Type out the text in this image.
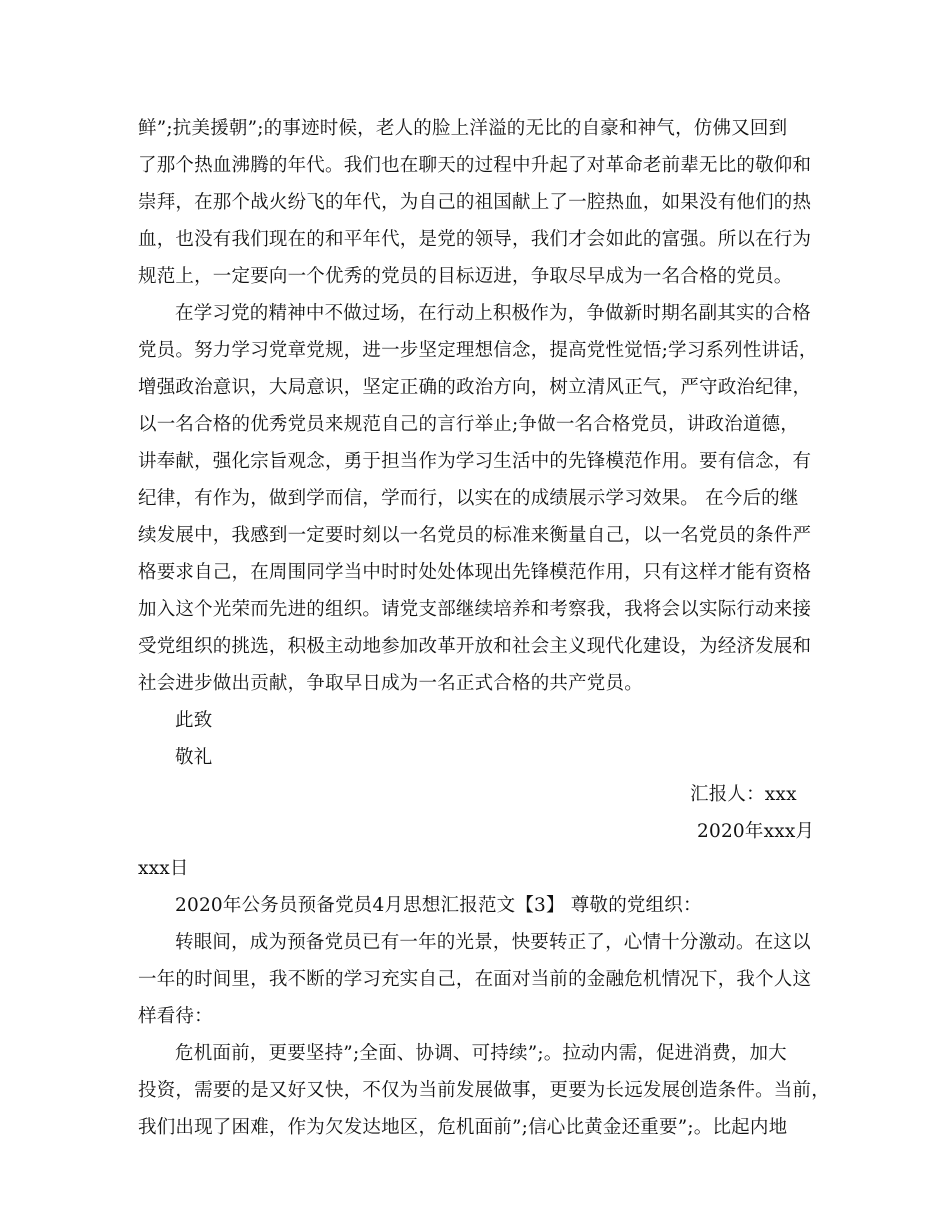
鲜”;抗美援朝”;的事迹时候，老人的脸上洋溢的无比的自豪和神气，仿佛又回到
了那个热血沸腾的年代。我们也在聊天的过程中升起了对革命老前辈无比的敬仰和
崇拜，在那个战火纷飞的年代，为自己的祖国献上了一腔热血，如果没有他们的热
血，也没有我们现在的和平年代，是党的领导，我们才会如此的富强。所以在行为
规范上，一定要向一个优秀的党员的目标迈进，争取尽早成为一名合格的党员。
在学习党的精神中不做过场，在行动上积极作为，争做新时期名副其实的合格
党员。努力学习党章党规，进一步坚定理想信念，提高党性觉悟;学习系列性讲话，
增强政治意识，大局意识，坚定正确的政治方向，树立清风正气，严守政治纪律，
以一名合格的优秀党员来规范自己的言行举止;争做一名合格党员，讲政治道德，
讲奉献，强化宗旨观念，勇于担当作为学习生活中的先锋模范作用。要有信念，有
纪律，有作为，做到学而信，学而行，以实在的成绩展示学习效果。 在今后的继
续发展中，我感到一定要时刻以一名党员的标准来衡量自己，以一名党员的条件严
格要求自己，在周围同学当中时时处处体现出先锋模范作用，只有这样才能有资格
加入这个光荣而先进的组织。请党支部继续培养和考察我，我将会以实际行动来接
受党组织的挑选，积极主动地参加改革开放和社会主义现代化建设，为经济发展和
社会进步做出贡献，争取早日成为一名正式合格的共产党员。
此致
敬礼
汇报人：xxx
2020年xxx月
xxx日
2020年公务员预备党员4月思想汇报范文【3】 尊敬的党组织：
转眼间，成为预备党员已有一年的光景，快要转正了，心情十分激动。在这以
一年的时间里，我不断的学习充实自己，在面对当前的金融危机情况下，我个人这
样看待：
危机面前，更要坚持”;全面、协调、可持续”;。拉动内需，促进消费，加大
投资，需要的是又好又快，不仅为当前发展做事，更要为长远发展创造条件。当前，
我们出现了困难，作为欠发达地区，危机面前”;信心比黄金还重要”;。比起内地
